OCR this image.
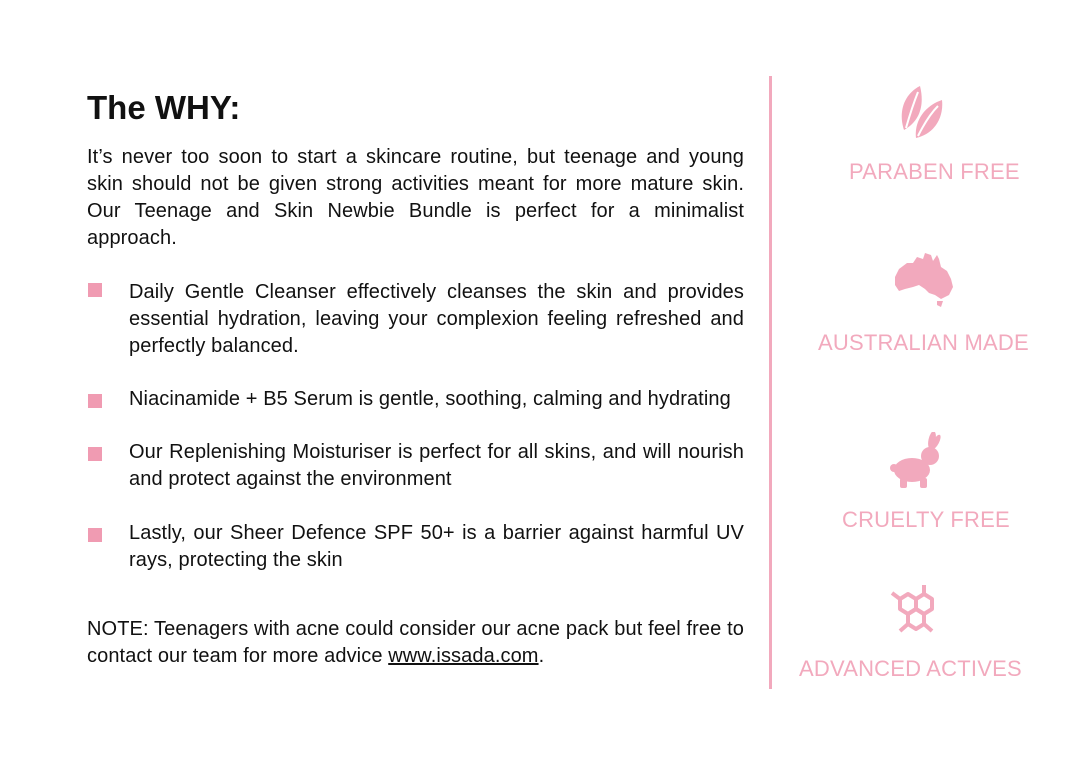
The WHY:

It’s never too soon to start a skincare routine, but teenage and young skin should not be given strong activities meant for more mature skin. Our Teenage and Skin Newbie Bundle is perfect for a minimalist approach.

Daily Gentle Cleanser effectively cleanses the skin and provides essential hydration, leaving your complexion feeling refreshed and perfectly balanced.
Niacinamide + B5 Serum is gentle, soothing, calming and hydrating
Our Replenishing Moisturiser is perfect for all skins, and will nourish and protect against the environment
Lastly, our Sheer Defence SPF 50+ is a barrier against harmful UV rays, protecting the skin

NOTE: Teenagers with acne could consider our acne pack but feel free to contact our team for more advice www.issada.com.

PARABEN FREE
AUSTRALIAN MADE
CRUELTY FREE
ADVANCED ACTIVES
